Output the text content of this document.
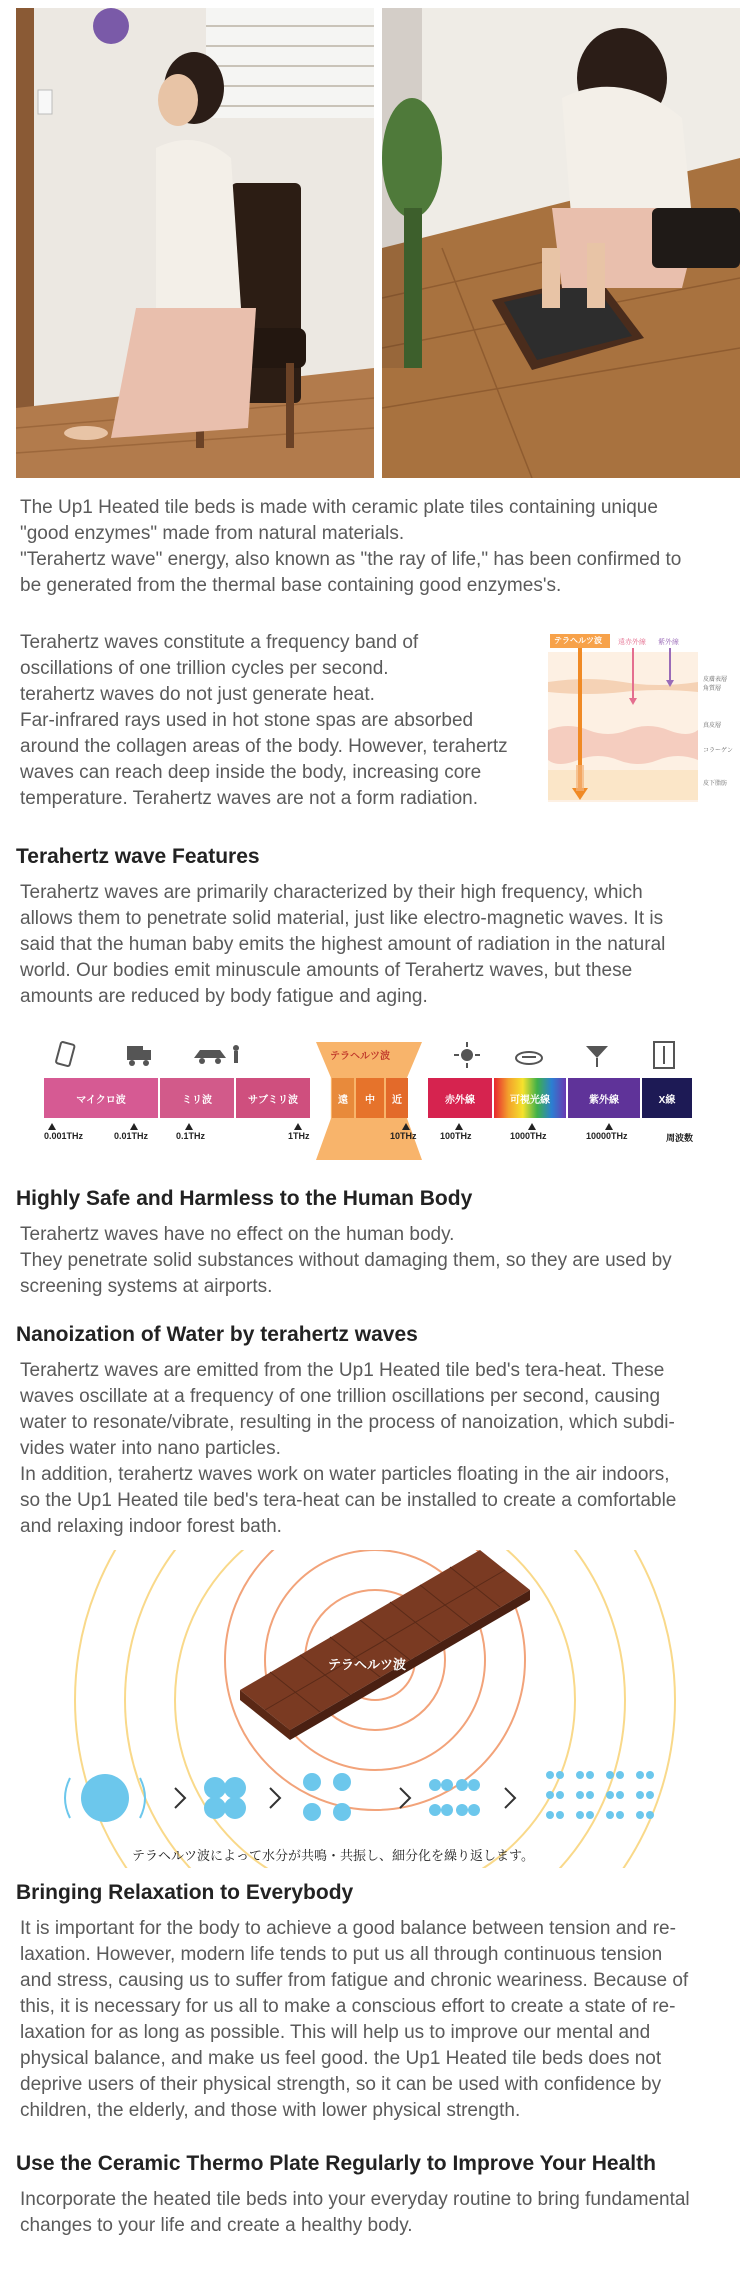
The Up1 Heated tile beds is made with ceramic plate tiles containing unique

"good enzymes" made from natural materials.

"Terahertz wave" energy, also known as "the ray of life," has been confirmed to

be generated from the thermal base containing good enzymes's.

Terahertz waves constitute a frequency band of

oscillations of one trillion cycles per second.

terahertz waves do not just generate heat.

Far-infrared rays used in hot stone spas are absorbed

around the collagen areas of the body. However, terahertz

waves can reach deep inside the body, increasing core

temperature. Terahertz waves are not a form radiation.

テラヘルツ波 遠赤外線 紫外線
皮膚表層
角質層
真皮層
コラーゲン
皮下脂肪
Terahertz wave Features

Terahertz waves are primarily characterized by their high frequency, which

allows them to penetrate solid material, just like electro-magnetic waves. It is

said that the human baby emits the highest amount of radiation in the natural

world. Our bodies emit minuscule amounts of Terahertz waves, but these

amounts are reduced by body fatigue and aging.

テラヘルツ波
マイクロ波	ミリ波	サブミリ波	遠	中	近	赤外線	可視光線	紫外線	X線
0.001THz	0.01THz	0.1THz	1THz	10THz	100THz	1000THz	10000THz	周波数
Highly Safe and Harmless to the Human Body

Terahertz waves have no effect on the human body.

They penetrate solid substances without damaging them, so they are used by

screening systems at airports.

Nanoization of Water by terahertz waves

Terahertz waves are emitted from the Up1 Heated tile bed's tera-heat. These

waves oscillate at a frequency of one trillion oscillations per second, causing

water to resonate/vibrate, resulting in the process of nanoization, which subdi-

vides water into nano particles.

In addition, terahertz waves work on water particles floating in the air indoors,

so the Up1 Heated tile bed's tera-heat can be installed to create a comfortable

and relaxing indoor forest bath.

テラヘルツ波
テラヘルツ波によって水分が共鳴・共振し、細分化を繰り返します。
Bringing Relaxation to Everybody

It is important for the body to achieve a good balance between tension and re-

laxation. However, modern life tends to put us all through continuous tension

and stress, causing us to suffer from fatigue and chronic weariness. Because of

this, it is necessary for us all to make a conscious effort to create a state of re-

laxation for as long as possible. This will help us to improve our mental and

physical balance, and make us feel good. the Up1 Heated tile beds does not

deprive users of their physical strength, so it can be used with confidence by

children, the elderly, and those with lower physical strength.

Use the Ceramic Thermo Plate Regularly to Improve Your Health

Incorporate the heated tile beds into your everyday routine to bring fundamental

changes to your life and create a healthy body.
